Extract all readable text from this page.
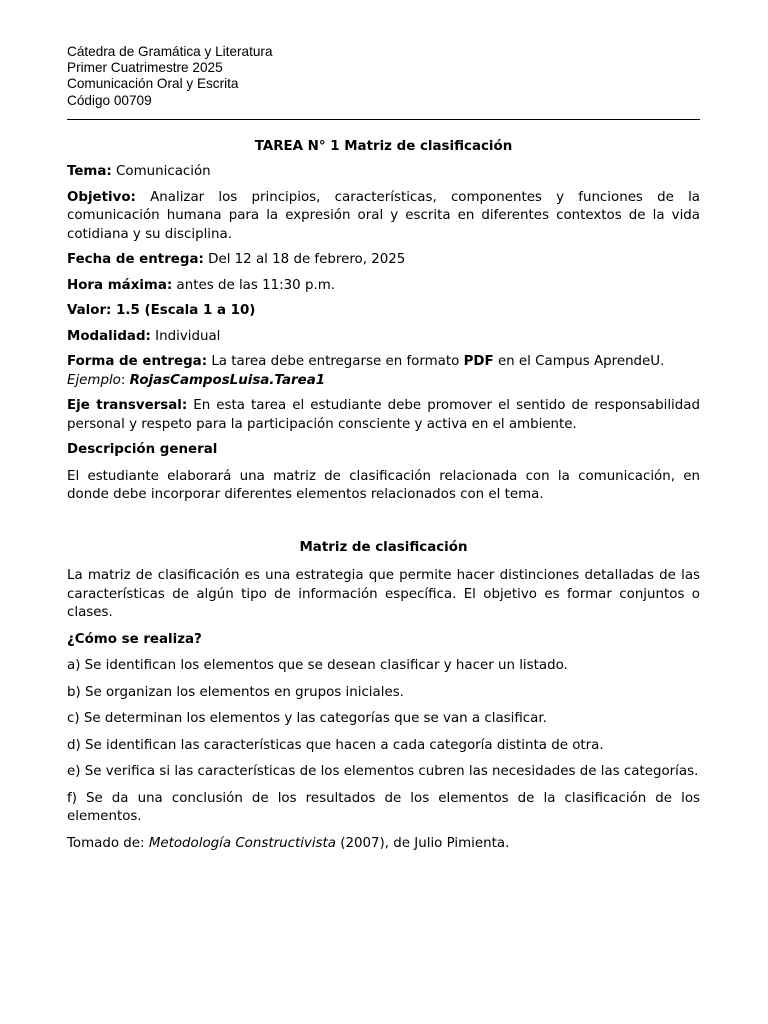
Cátedra de Gramática y Literatura
Primer Cuatrimestre 2025
Comunicación Oral y Escrita
Código 00709

TAREA N° 1 Matriz de clasificación

Tema: Comunicación

Objetivo: Analizar los principios, características, componentes y funciones de la comunicación humana para la expresión oral y escrita en diferentes contextos de la vida cotidiana y su disciplina.

Fecha de entrega: Del 12 al 18 de febrero, 2025

Hora máxima: antes de las 11:30 p.m.

Valor: 1.5 (Escala 1 a 10)

Modalidad: Individual

Forma de entrega: La tarea debe entregarse en formato PDF en el Campus AprendeU.
Ejemplo: RojasCamposLuisa.Tarea1

Eje transversal: En esta tarea el estudiante debe promover el sentido de responsabilidad personal y respeto para la participación consciente y activa en el ambiente.

Descripción general

El estudiante elaborará una matriz de clasificación relacionada con la comunicación, en donde debe incorporar diferentes elementos relacionados con el tema.

Matriz de clasificación

La matriz de clasificación es una estrategia que permite hacer distinciones detalladas de las características de algún tipo de información específica. El objetivo es formar conjuntos o clases.

¿Cómo se realiza?

a) Se identifican los elementos que se desean clasificar y hacer un listado.

b) Se organizan los elementos en grupos iniciales.

c) Se determinan los elementos y las categorías que se van a clasificar.

d) Se identifican las características que hacen a cada categoría distinta de otra.

e) Se verifica si las características de los elementos cubren las necesidades de las categorías.

f) Se da una conclusión de los resultados de los elementos de la clasificación de los elementos.

Tomado de: Metodología Constructivista (2007), de Julio Pimienta.
